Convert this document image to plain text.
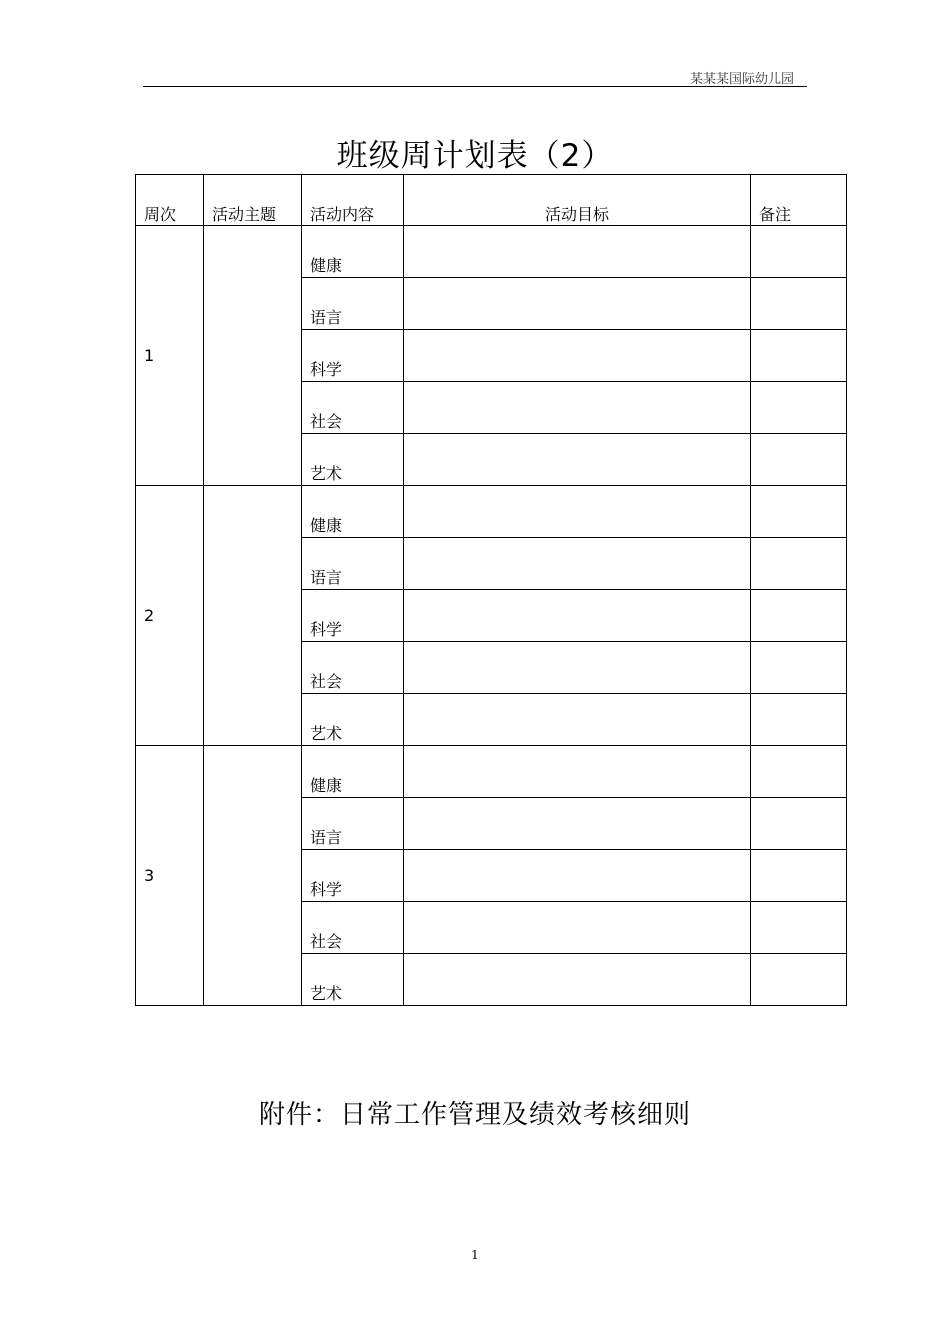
某某某国际幼儿园
班级周计划表（2）
周次	活动主题	活动内容	活动目标	备注
1		健康		
		语言		
		科学		
		社会		
		艺术		
2		健康		
		语言		
		科学		
		社会		
		艺术		
3		健康		
		语言		
		科学		
		社会		
		艺术		
附件：日常工作管理及绩效考核细则
1
